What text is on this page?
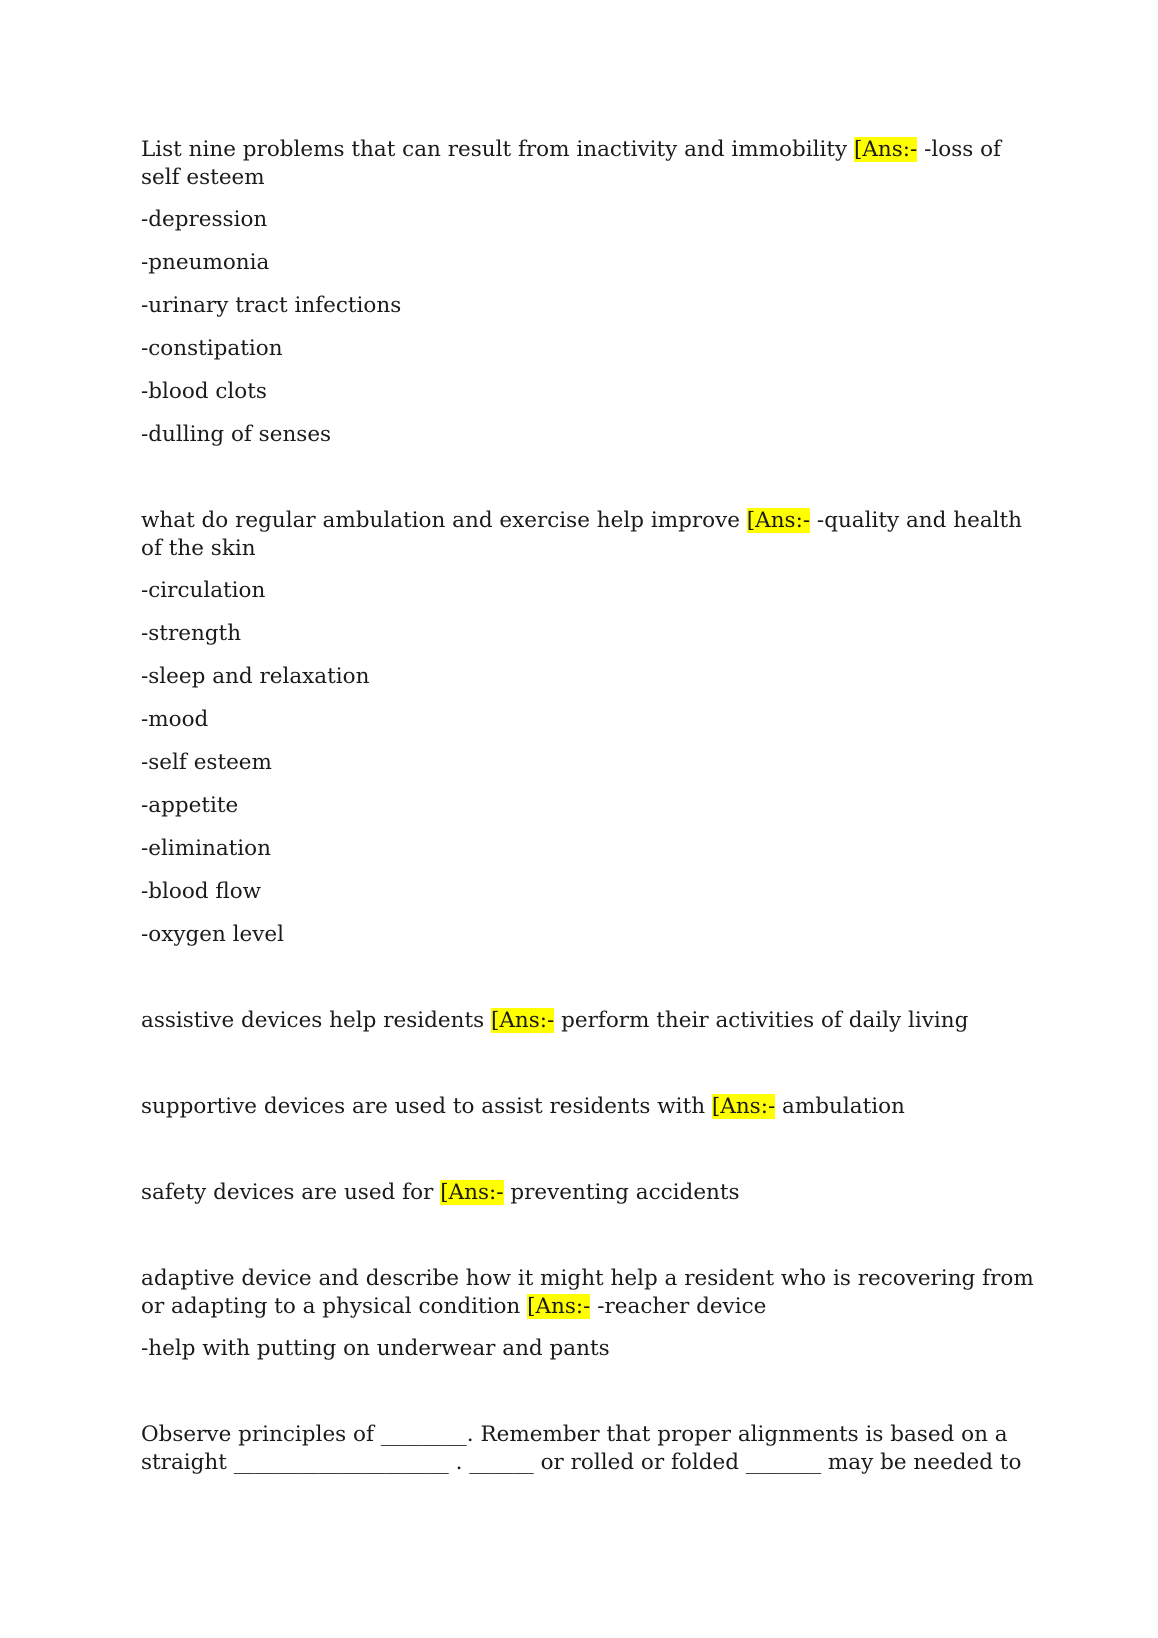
List nine problems that can result from inactivity and immobility [Ans:- -loss of self esteem

-depression

-pneumonia

-urinary tract infections

-constipation

-blood clots

-dulling of senses

what do regular ambulation and exercise help improve [Ans:- -quality and health of the skin

-circulation

-strength

-sleep and relaxation

-mood

-self esteem

-appetite

-elimination

-blood flow

-oxygen level

assistive devices help residents [Ans:- perform their activities of daily living

supportive devices are used to assist residents with [Ans:- ambulation

safety devices are used for [Ans:- preventing accidents

adaptive device and describe how it might help a resident who is recovering from or adapting to a physical condition [Ans:- -reacher device

-help with putting on underwear and pants

Observe principles of ________. Remember that proper alignments is based on a straight ____________________ . ______ or rolled or folded _______ may be needed to
